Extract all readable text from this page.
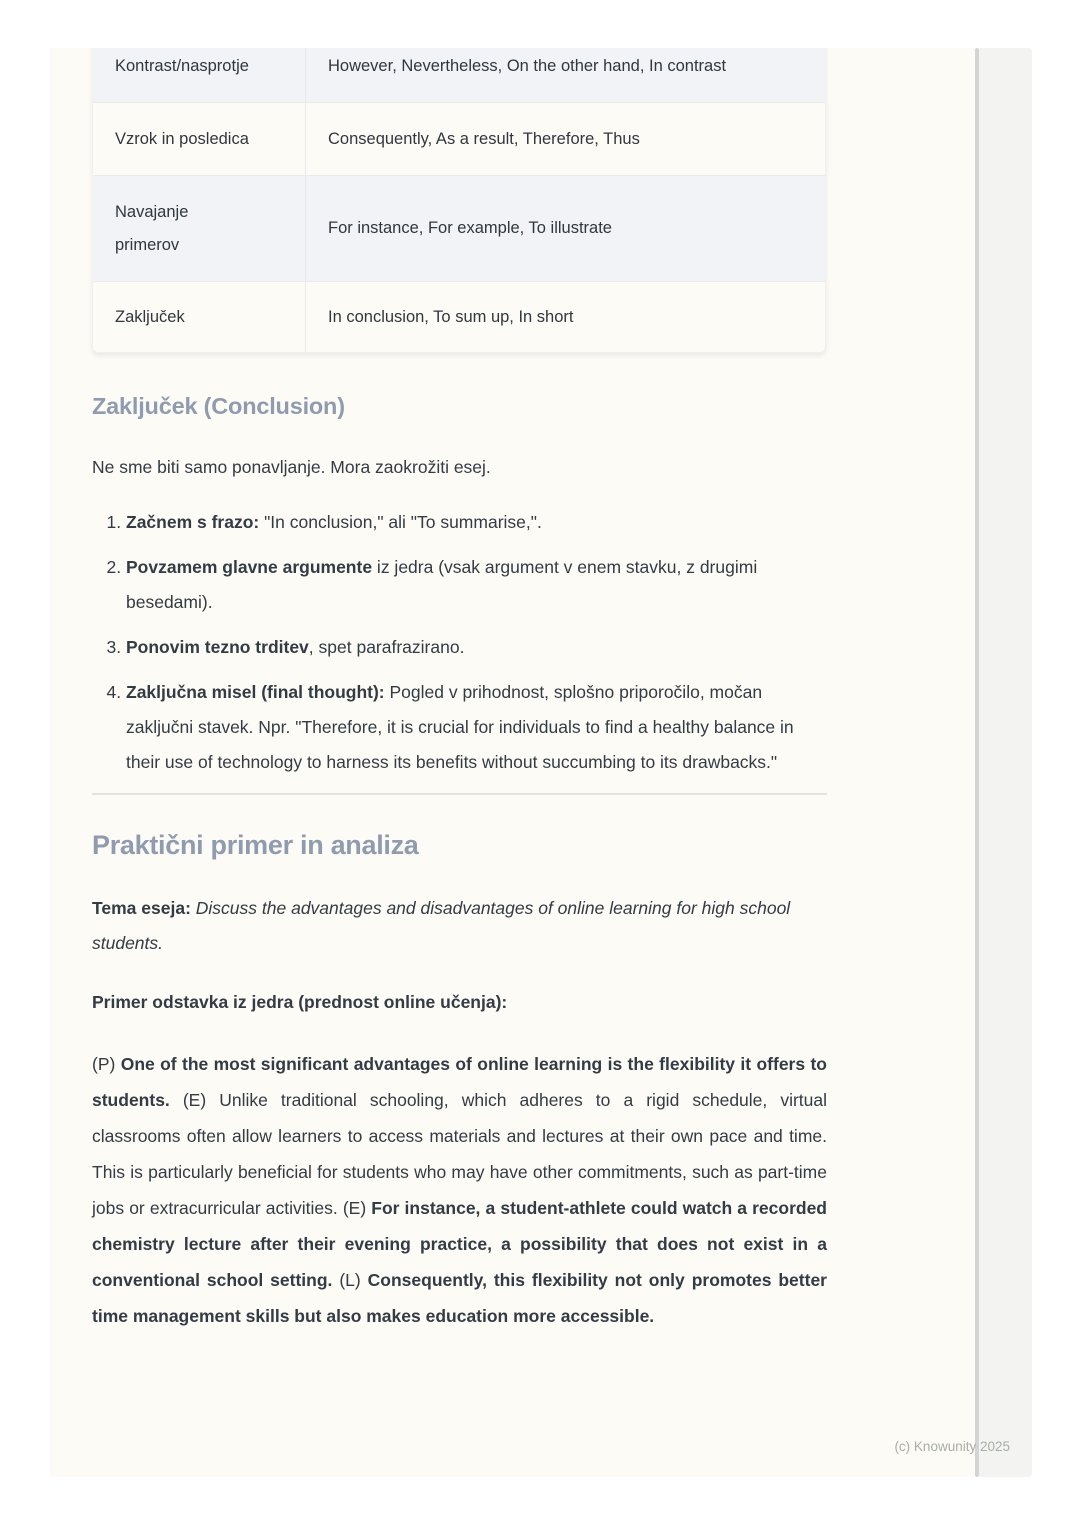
Kontrast/nasprotje	However, Nevertheless, On the other hand, In contrast
Vzrok in posledica	Consequently, As a result, Therefore, Thus
Navajanje primerov	For instance, For example, To illustrate
Zaključek	In conclusion, To sum up, In short
Zaključek (Conclusion)

Ne sme biti samo ponavljanje. Mora zaokrožiti esej.

1. Začnem s frazo: "In conclusion," ali "To summarise,".
2. Povzamem glavne argumente iz jedra (vsak argument v enem stavku, z drugimi besedami).
3. Ponovim tezno trditev, spet parafrazirano.
4. Zaključna misel (final thought): Pogled v prihodnost, splošno priporočilo, močan zaključni stavek. Npr. "Therefore, it is crucial for individuals to find a healthy balance in their use of technology to harness its benefits without succumbing to its drawbacks."
Praktični primer in analiza

Tema eseja: Discuss the advantages and disadvantages of online learning for high school students.

Primer odstavka iz jedra (prednost online učenja):

(P) One of the most significant advantages of online learning is the flexibility it offers to students. (E) Unlike traditional schooling, which adheres to a rigid schedule, virtual classrooms often allow learners to access materials and lectures at their own pace and time. This is particularly beneficial for students who may have other commitments, such as part-time jobs or extracurricular activities. (E) For instance, a student-athlete could watch a recorded chemistry lecture after their evening practice, a possibility that does not exist in a conventional school setting. (L) Consequently, this flexibility not only promotes better time management skills but also makes education more accessible.

(c) Knowunity 2025
